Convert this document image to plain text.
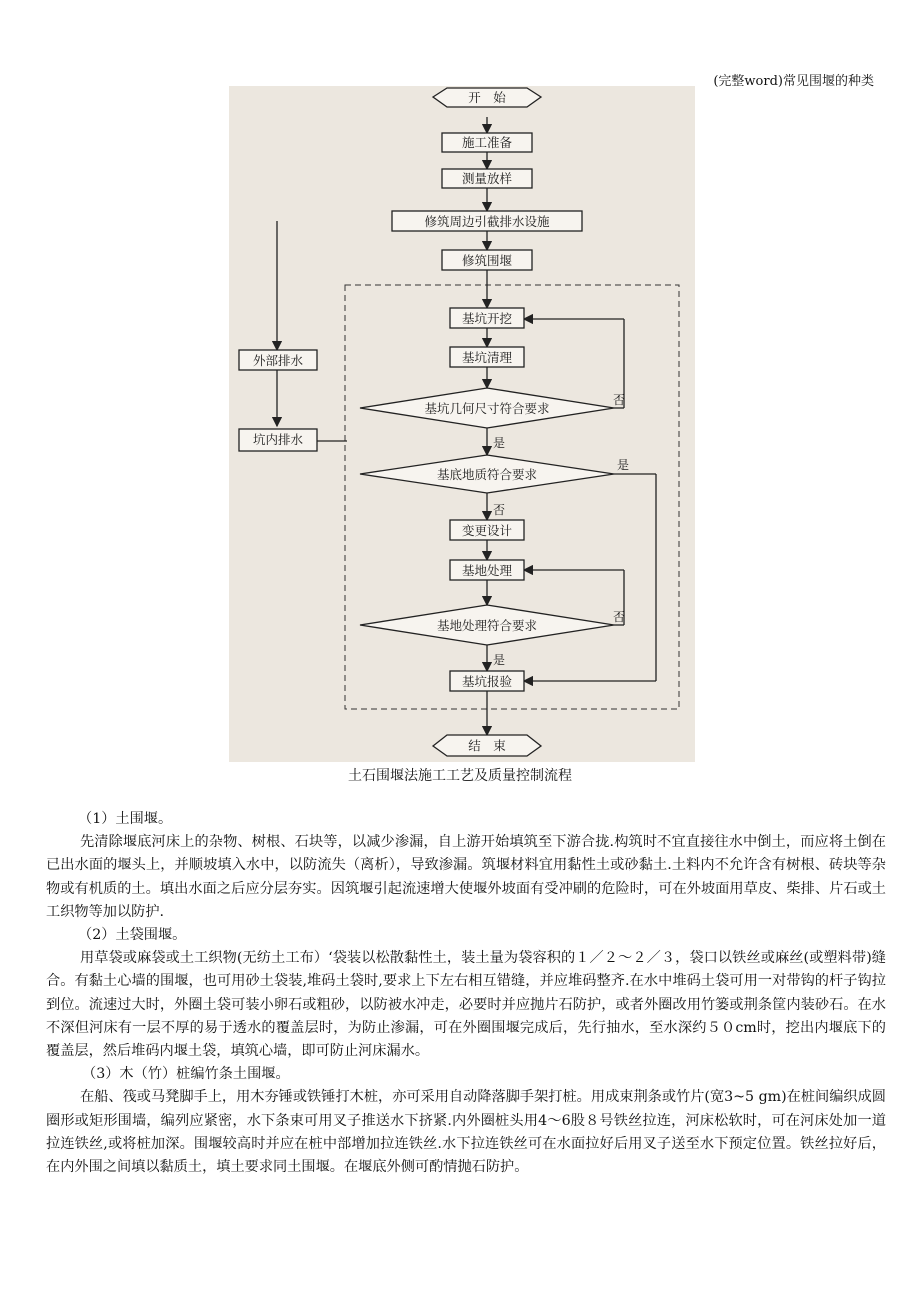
(完整word)常见围堰的种类
开　始
施工准备
测量放样
修筑周边引截排水设施
修筑围堰
基坑开挖
基坑清理
基坑几何尺寸符合要求
基底地质符合要求
变更设计
基地处理
基地处理符合要求
基坑报验
结　束
外部排水
坑内排水
否
是
是
否
否
是
土石围堰法施工工艺及质量控制流程

（1）土围堰。

先清除堰底河床上的杂物、树根、石块等，以减少渗漏，自上游开始填筑至下游合拢.构筑时不宜直接往水中倒土，而应将土倒在已出水面的堰头上，并顺坡填入水中，以防流失（离析），导致渗漏。筑堰材料宜用黏性土或砂黏土.土料内不允许含有树根、砖块等杂物或有机质的土。填出水面之后应分层夯实。因筑堰引起流速增大使堰外坡面有受冲刷的危险时，可在外坡面用草皮、柴排、片石或土工织物等加以防护.

（2）土袋围堰。

用草袋或麻袋或土工织物(无纺土工布）‘袋装以松散黏性土，装土量为袋容积的１／２～２／３，袋口以铁丝或麻丝(或塑料带)缝合。有黏土心墙的围堰，也可用砂土袋装,堆码土袋时,要求上下左右相互错缝，并应堆码整齐.在水中堆码土袋可用一对带钩的杆子钩拉到位。流速过大时，外圈土袋可装小卵石或粗砂，以防被水冲走，必要时并应抛片石防护，或者外圈改用竹篓或荆条筐内装砂石。在水不深但河床有一层不厚的易于透水的覆盖层时，为防止渗漏，可在外圈围堰完成后，先行抽水，至水深约５０cm时，挖出内堰底下的覆盖层，然后堆码内堰土袋，填筑心墙，即可防止河床漏水。

（3）木（竹）桩编竹条土围堰。

在船、筏或马凳脚手上，用木夯锤或铁锤打木桩，亦可采用自动降落脚手架打桩。用成束荆条或竹片(宽3~5 gm)在桩间编织成圆圈形或矩形围墙，编列应紧密，水下条束可用叉子推送水下挤紧.内外圈桩头用4～6股８号铁丝拉连，河床松软时，可在河床处加一道拉连铁丝,或将桩加深。围堰较高时并应在桩中部增加拉连铁丝.水下拉连铁丝可在水面拉好后用叉子送至水下预定位置。铁丝拉好后，在内外围之间填以黏质土，填土要求同土围堰。在堰底外侧可酌情抛石防护。
